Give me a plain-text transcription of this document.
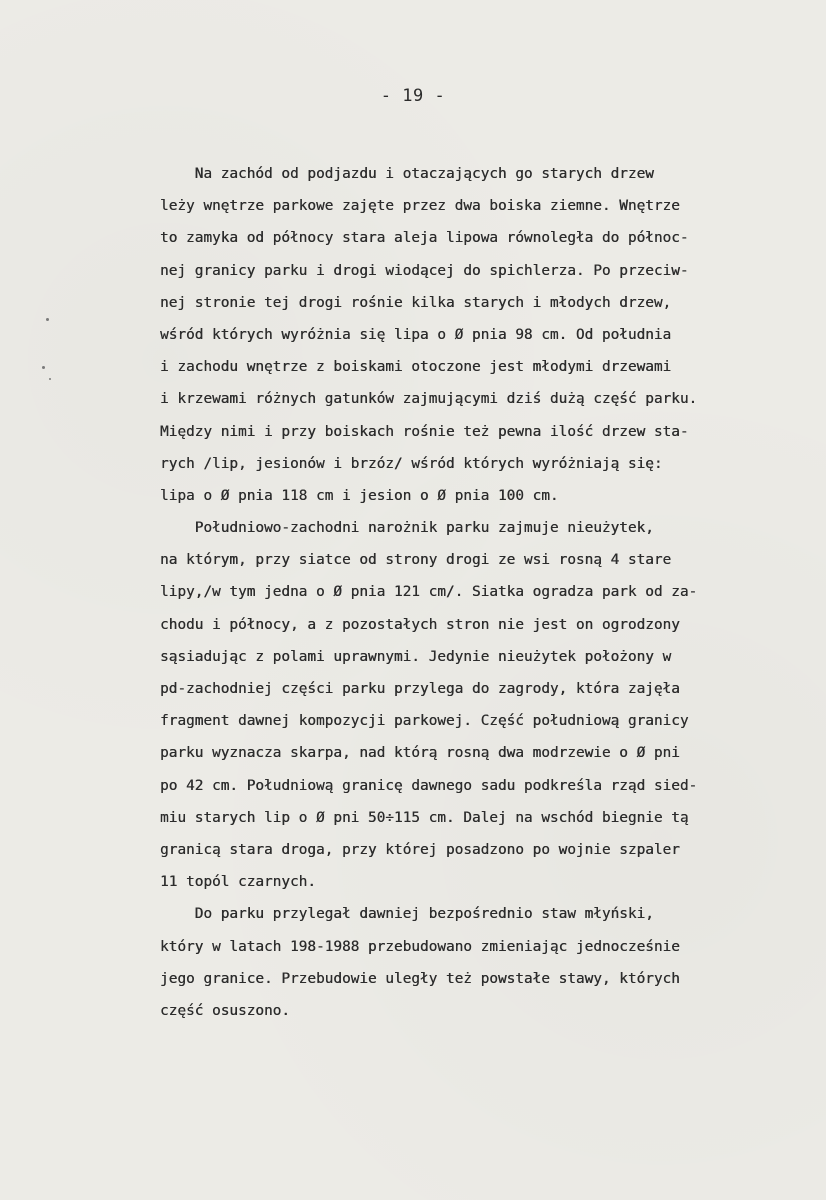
- 19 -
Na zachód od podjazdu i otaczających go starych drzew
leży wnętrze parkowe zajęte przez dwa boiska ziemne. Wnętrze
to zamyka od północy stara aleja lipowa równoległa do północ-
nej granicy parku i drogi wiodącej do spichlerza. Po przeciw-
nej stronie tej drogi rośnie kilka starych i młodych drzew,
wśród których wyróżnia się lipa o Ø pnia 98 cm. Od południa
i zachodu wnętrze z boiskami otoczone jest młodymi drzewami
i krzewami różnych gatunków zajmującymi dziś dużą część parku.
Między nimi i przy boiskach rośnie też pewna ilość drzew sta-
rych /lip, jesionów i brzóz/ wśród których wyróżniają się:
lipa o Ø pnia 118 cm i jesion o Ø pnia 100 cm.
Południowo-zachodni narożnik parku zajmuje nieużytek,
na którym, przy siatce od strony drogi ze wsi rosną 4 stare
lipy,/w tym jedna o Ø pnia 121 cm/. Siatka ogradza park od za-
chodu i północy, a z pozostałych stron nie jest on ogrodzony
sąsiadując z polami uprawnymi. Jedynie nieużytek położony w
pd-zachodniej części parku przylega do zagrody, która zajęła
fragment dawnej kompozycji parkowej. Część południową granicy
parku wyznacza skarpa, nad którą rosną dwa modrzewie o Ø pni
po 42 cm. Południową granicę dawnego sadu podkreśla rząd sied-
miu starych lip o Ø pni 50÷115 cm. Dalej na wschód biegnie tą
granicą stara droga, przy której posadzono po wojnie szpaler
11 topól czarnych.
Do parku przylegał dawniej bezpośrednio staw młyński,
który w latach 198-1988 przebudowano zmieniając jednocześnie
jego granice. Przebudowie uległy też powstałe stawy, których
część osuszono.
